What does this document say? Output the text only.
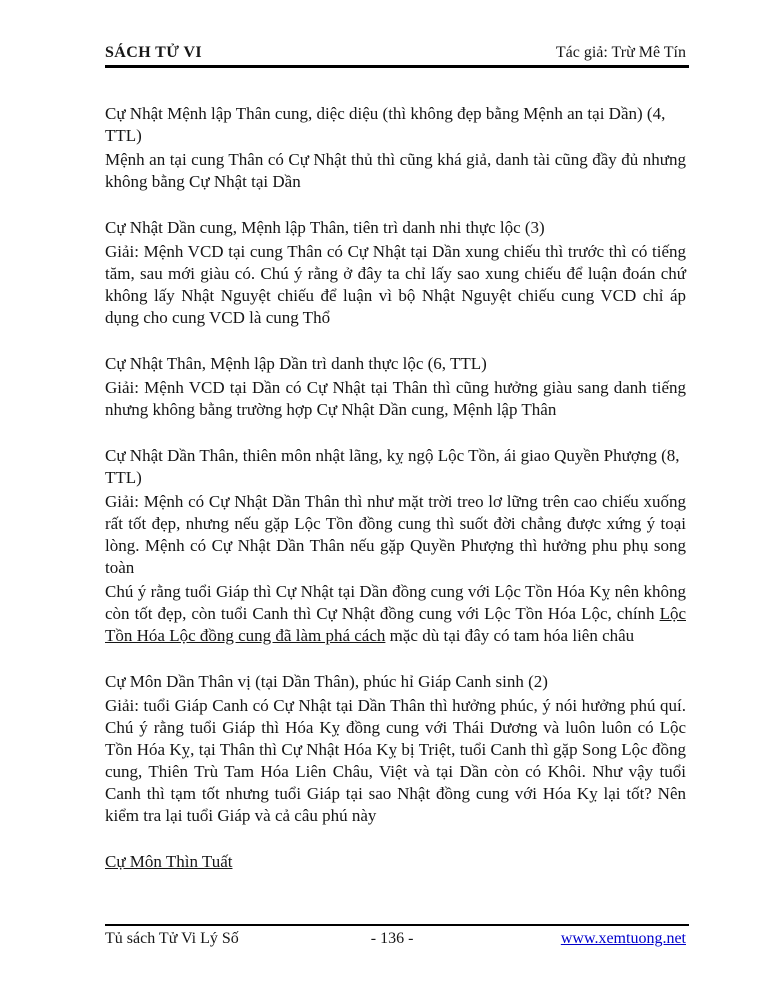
SÁCH TỬ VI	Tác giả: Trừ Mê Tín
Cự Nhật Mệnh lập Thân cung, diệc diệu (thì không đẹp bằng Mệnh an tại Dần) (4, TTL)

Mệnh an tại cung Thân có Cự Nhật thủ thì cũng khá giả, danh tài cũng đầy đủ nhưng không bằng Cự Nhật tại Dần

Cự Nhật Dần cung, Mệnh lập Thân, tiên trì danh nhi thực lộc (3)

Giải: Mệnh VCD tại cung Thân có Cự Nhật tại Dần xung chiếu thì trước thì có tiếng tăm, sau mới giàu có. Chú ý rằng ở đây ta chỉ lấy sao xung chiếu để luận đoán chứ không lấy Nhật Nguyệt chiếu để luận vì bộ Nhật Nguyệt chiếu cung VCD chỉ áp dụng cho cung VCD là cung Thổ

Cự Nhật Thân, Mệnh lập Dần trì danh thực lộc (6, TTL)

Giải: Mệnh VCD tại Dần có Cự Nhật tại Thân thì cũng hưởng giàu sang danh tiếng nhưng không bằng trường hợp Cự Nhật Dần cung, Mệnh lập Thân

Cự Nhật Dần Thân, thiên môn nhật lãng, kỵ ngộ Lộc Tồn, ái giao Quyền Phượng (8, TTL)

Giải: Mệnh có Cự Nhật Dần Thân thì như mặt trời treo lơ lững trên cao chiếu xuống rất tốt đẹp, nhưng nếu gặp Lộc Tồn đồng cung thì suốt đời chẳng được xứng ý toại lòng. Mệnh có Cự Nhật Dần Thân nếu gặp Quyền Phượng thì hưởng phu phụ song toàn

Chú ý rằng tuổi Giáp thì Cự Nhật tại Dần đồng cung với Lộc Tồn Hóa Kỵ nên không còn tốt đẹp, còn tuổi Canh thì Cự Nhật đồng cung với Lộc Tồn Hóa Lộc, chính Lộc Tồn Hóa Lộc đồng cung đã làm phá cách mặc dù tại đây có tam hóa liên châu

Cự Môn Dần Thân vị (tại Dần Thân), phúc hỉ Giáp Canh sinh (2)

Giải: tuổi Giáp Canh có Cự Nhật tại Dần Thân thì hưởng phúc, ý nói hưởng phú quí. Chú ý rằng tuổi Giáp thì Hóa Kỵ đồng cung với Thái Dương và luôn luôn có Lộc Tồn Hóa Kỵ, tại Thân thì Cự Nhật Hóa Kỵ bị Triệt, tuổi Canh thì gặp Song Lộc đồng cung, Thiên Trù Tam Hóa Liên Châu, Việt và tại Dần còn có Khôi. Như vậy tuổi Canh thì tạm tốt nhưng tuổi Giáp tại sao Nhật đồng cung với Hóa Kỵ lại tốt? Nên kiểm tra lại tuổi Giáp và cả câu phú này

Cự Môn Thìn Tuất
Tủ sách Tử Vi Lý Số	- 136 -	www.xemtuong.net
